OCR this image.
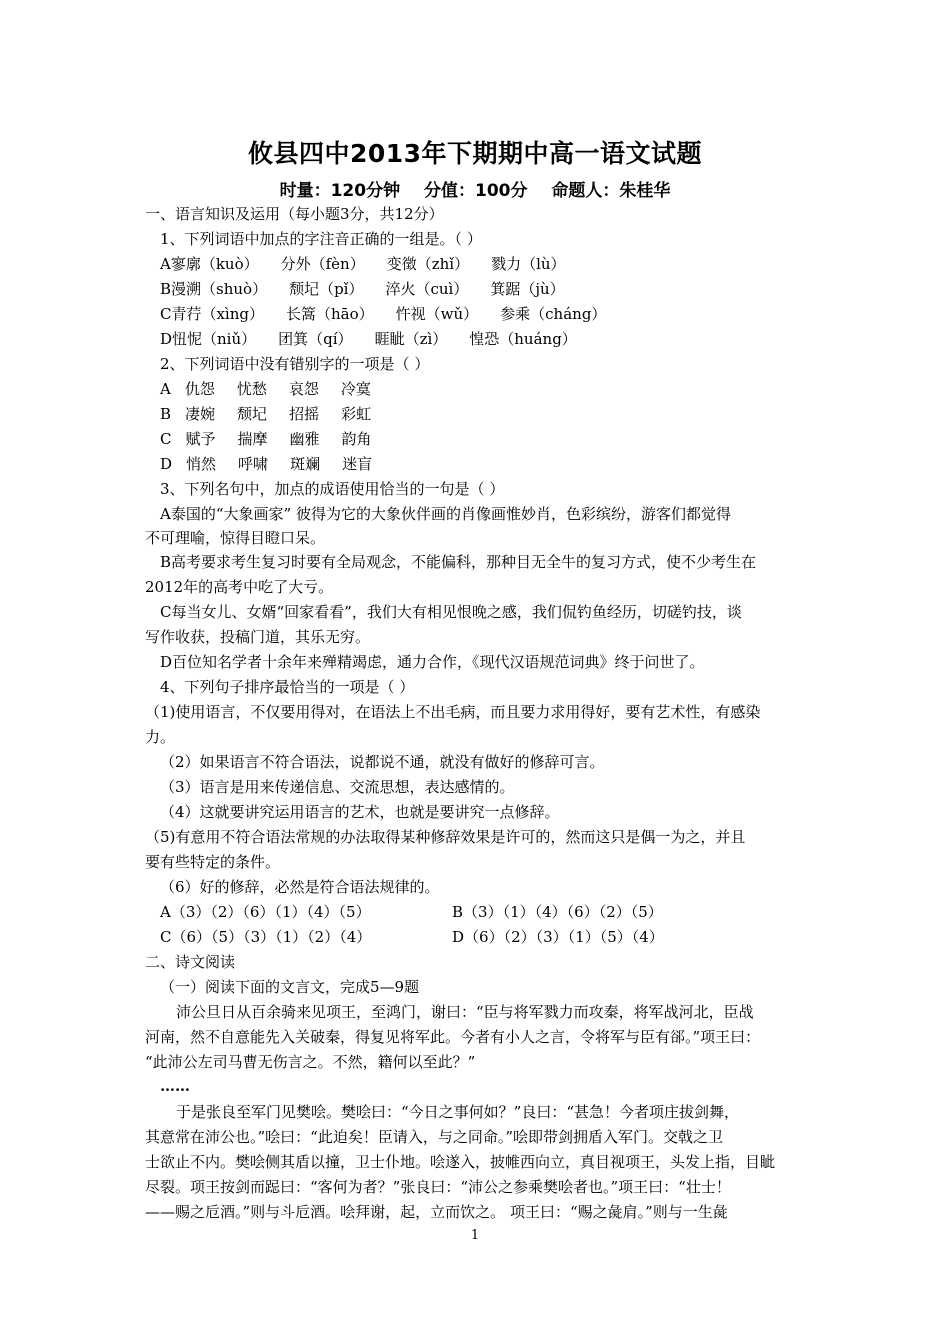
攸县四中2013年下期期中高一语文试题
时量：120分钟 分值：100分 命题人：朱桂华
一、语言知识及运用（每小题3分，共12分）
1、下列词语中加点的字注音正确的一组是。（ ）
A寥廓（kuò） 分外（fèn） 变徵（zhǐ） 戮力（lù）
B漫溯（shuò） 颓圮（pǐ） 淬火（cuì） 箕踞（jù）
C青荇（xìng） 长篙（hāo） 忤视（wǔ） 参乘（cháng）
D忸怩（niǔ） 团箕（qí） 睚眦（zì） 惶恐（huáng）
2、下列词语中没有错别字的一项是（ ）
A 仇怨 忧愁 哀怨 冷寞
B 凄婉 颓圮 招摇 彩虹
C 赋予 揣摩 幽雅 韵角
D 悄然 呼啸 斑斓 迷盲
3、下列名句中，加点的成语使用恰当的一句是（ ）
A泰国的“大象画家” 彼得为它的大象伙伴画的肖像画惟妙肖，色彩缤纷，游客们都觉得
不可理喻，惊得目瞪口呆。
B高考要求考生复习时要有全局观念，不能偏科，那种目无全牛的复习方式，使不少考生在
2012年的高考中吃了大亏。
C每当女儿、女婿“回家看看”，我们大有相见恨晚之感，我们侃钓鱼经历，切磋钓技，谈
写作收获，投稿门道，其乐无穷。
D百位知名学者十余年来殚精竭虑，通力合作，《现代汉语规范词典》终于问世了。
4、下列句子排序最恰当的一项是（ ）
（1)使用语言，不仅要用得对，在语法上不出毛病，而且要力求用得好，要有艺术性，有感染
力。
（2）如果语言不符合语法，说都说不通，就没有做好的修辞可言。
（3）语言是用来传递信息、交流思想，表达感情的。
（4）这就要讲究运用语言的艺术，也就是要讲究一点修辞。
（5)有意用不符合语法常规的办法取得某种修辞效果是许可的，然而这只是偶一为之，并且
要有些特定的条件。
（6）好的修辞，必然是符合语法规律的。
A（3）（2）（6）（1）（4）（5）	B（3）（1）（4）（6）（2）（5）
C（6）（5）（3）（1）（2）（4）	D（6）（2）（3）（1）（5）（4）
二、诗文阅读
（一）阅读下面的文言文，完成5—9题
沛公旦日从百余骑来见项王，至鸿门，谢曰：“臣与将军戮力而攻秦，将军战河北，臣战
河南，然不自意能先入关破秦，得复见将军此。今者有小人之言，令将军与臣有郤。”项王曰：
“此沛公左司马曹无伤言之。不然，籍何以至此？”
……
于是张良至军门见樊哙。樊哙曰：“今日之事何如？”良曰：“甚急！今者项庄拔剑舞，
其意常在沛公也。”哙曰：“此迫矣！臣请入，与之同命。”哙即带剑拥盾入军门。交戟之卫
士欲止不内。樊哙侧其盾以撞，卫士仆地。哙遂入，披帷西向立，真目视项王，头发上指，目眦
尽裂。项王按剑而跽曰：“客何为者？”张良曰：“沛公之参乘樊哙者也。”项王曰：“壮士！
——赐之卮酒。”则与斗卮酒。哙拜谢，起，立而饮之。 项王曰：“赐之彘肩。”则与一生彘
1
